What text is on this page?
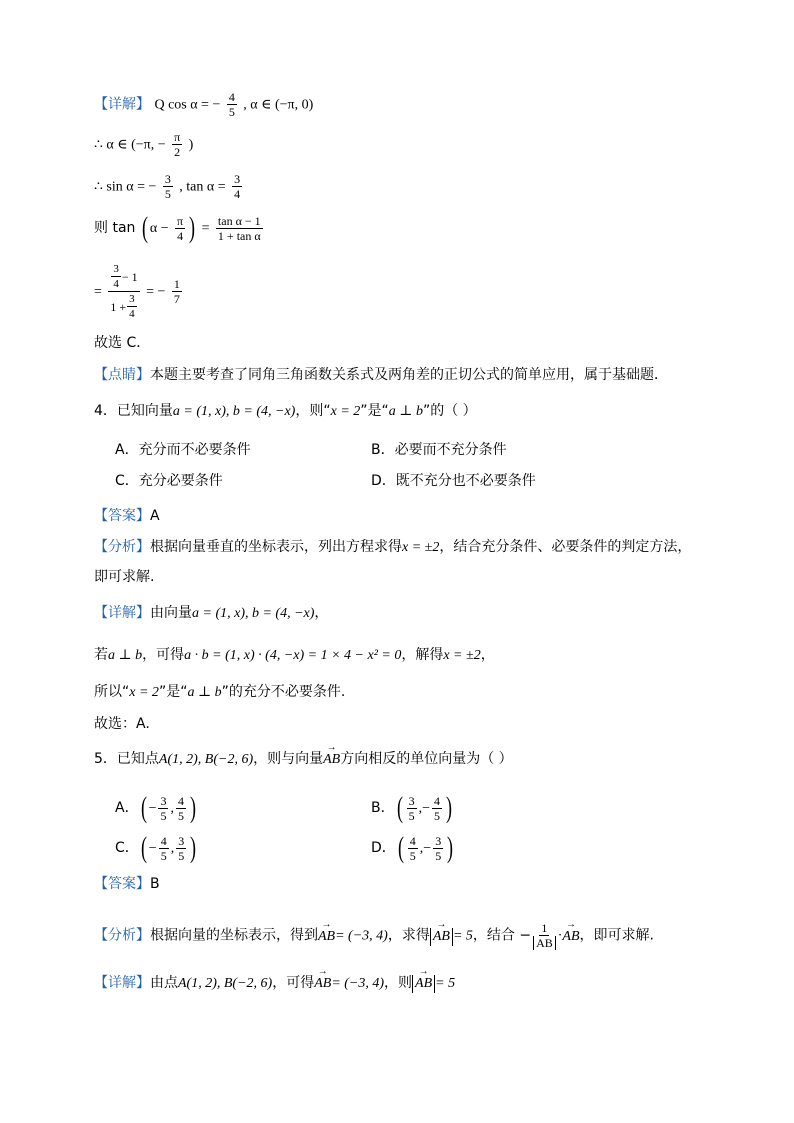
【详解】 Q cos α = − $\frac{4}{5}$ , α ∈ (−π, 0)
∴ α ∈ (−π, − $\frac{\pi}{2}$ )
∴ sin α = − $\frac{3}{5}$ , $\tan \alpha = \frac{3}{4}$
则 tan ( $\alpha - \frac{\pi}{4}$ ) = $\frac{\text{tan α − 1}}{\text{1 + tan α}}$
= $\frac{\frac{3}{4} - 1}{1 + \frac{3}{4}}$ = − $\frac{1}{7}$
故选 C．
【点睛】本题主要考查了同角三角函数关系式及两角差的正切公式的简单应用，属于基础题．
4．已知向量a = (1, x), b = (4, −x)，则“x = 2”是“a ⊥ b”的（ ）
A．充分而不必要条件	B．必要而不充分条件
C．充分必要条件	D．既不充分也不必要条件
【答案】A
【分析】根据向量垂直的坐标表示，列出方程求得x = ±2，结合充分条件、必要条件的判定方法，
即可求解.
【详解】由向量a = (1, x), b = (4, −x)，
若a ⊥ b，可得a · b = (1, x) · (4, −x) = 1 × 4 − x² = 0，解得x = ±2，
所以“x = 2”是“a ⊥ b”的充分不必要条件.
故选：A.
5．已知点A(1, 2), B(−2, 6)，则与向量→ AB方向相反的单位向量为（ ）
A．( − $\frac{3}{5}$ , $\frac{4}{5}$ )	B．( $\frac{3}{5}$ ,− $\frac{4}{5}$ )
C．( − $\frac{4}{5}$ , $\frac{3}{5}$ )	D．( $\frac{4}{5}$ ,− $\frac{3}{5}$ )
【答案】B
【分析】根据向量的坐标表示，得到→ AB= (−3, 4)，求得 → AB = 5，结合 − $\frac{1}{AB}$ ·→ AB，即可求解.
【详解】由点A(1, 2), B(−2, 6)，可得→ AB= (−3, 4)，则 → AB = 5
